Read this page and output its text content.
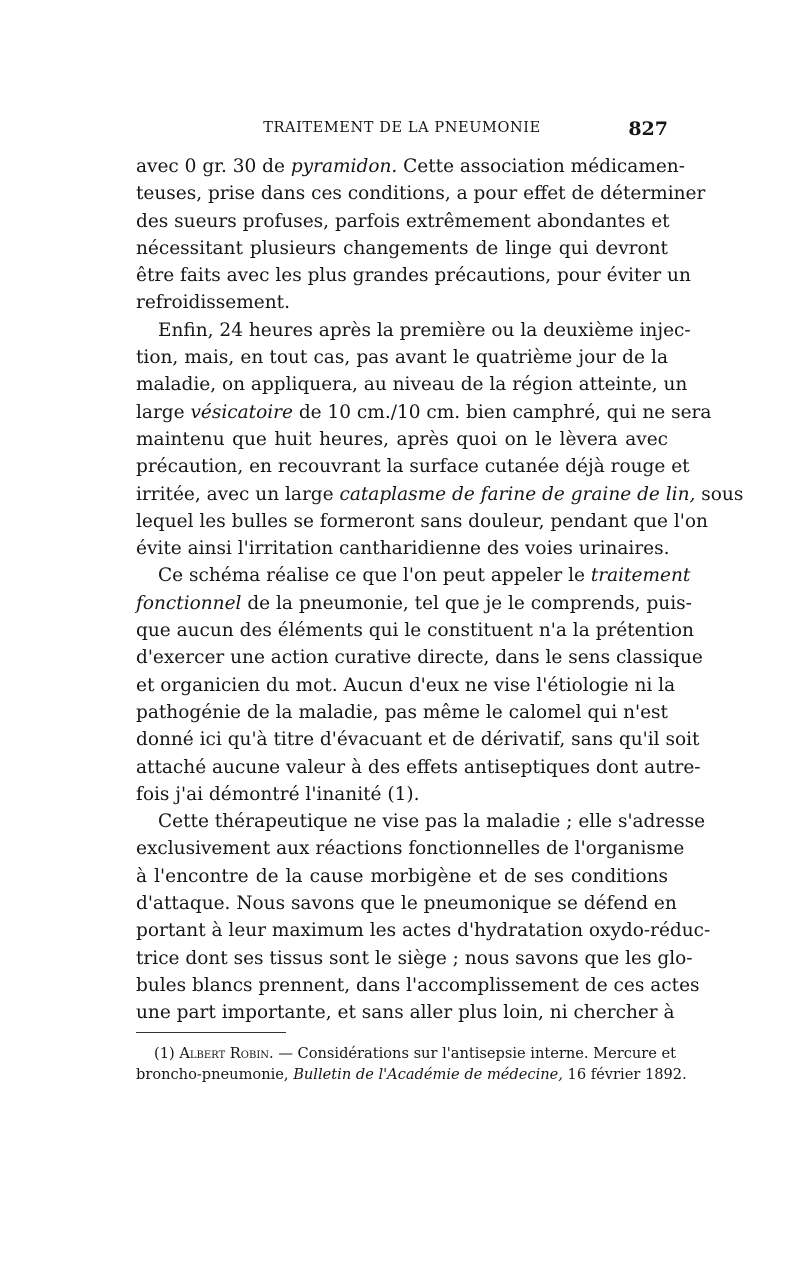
TRAITEMENT DE LA PNEUMONIE	827
avec 0 gr. 30 de pyramidon. Cette association médicamen-
teuses, prise dans ces conditions, a pour effet de déterminer
des sueurs profuses, parfois extrêmement abondantes et
nécessitant plusieurs changements de linge qui devront
être faits avec les plus grandes précautions, pour éviter un
refroidissement.
Enfin, 24 heures après la première ou la deuxième injec-
tion, mais, en tout cas, pas avant le quatrième jour de la
maladie, on appliquera, au niveau de la région atteinte, un
large vésicatoire de 10 cm./10 cm. bien camphré, qui ne sera
maintenu que huit heures, après quoi on le lèvera avec
précaution, en recouvrant la surface cutanée déjà rouge et
irritée, avec un large cataplasme de farine de graine de lin, sous
lequel les bulles se formeront sans douleur, pendant que l'on
évite ainsi l'irritation cantharidienne des voies urinaires.
Ce schéma réalise ce que l'on peut appeler le traitement
fonctionnel de la pneumonie, tel que je le comprends, puis-
que aucun des éléments qui le constituent n'a la prétention
d'exercer une action curative directe, dans le sens classique
et organicien du mot. Aucun d'eux ne vise l'étiologie ni la
pathogénie de la maladie, pas même le calomel qui n'est
donné ici qu'à titre d'évacuant et de dérivatif, sans qu'il soit
attaché aucune valeur à des effets antiseptiques dont autre-
fois j'ai démontré l'inanité (1).
Cette thérapeutique ne vise pas la maladie ; elle s'adresse
exclusivement aux réactions fonctionnelles de l'organisme
à l'encontre de la cause morbigène et de ses conditions
d'attaque. Nous savons que le pneumonique se défend en
portant à leur maximum les actes d'hydratation oxydo-réduc-
trice dont ses tissus sont le siège ; nous savons que les glo-
bules blancs prennent, dans l'accomplissement de ces actes
une part importante, et sans aller plus loin, ni chercher à
(1) Albert Robin. — Considérations sur l'antisepsie interne. Mercure et
broncho-pneumonie, Bulletin de l'Académie de médecine, 16 février 1892.
